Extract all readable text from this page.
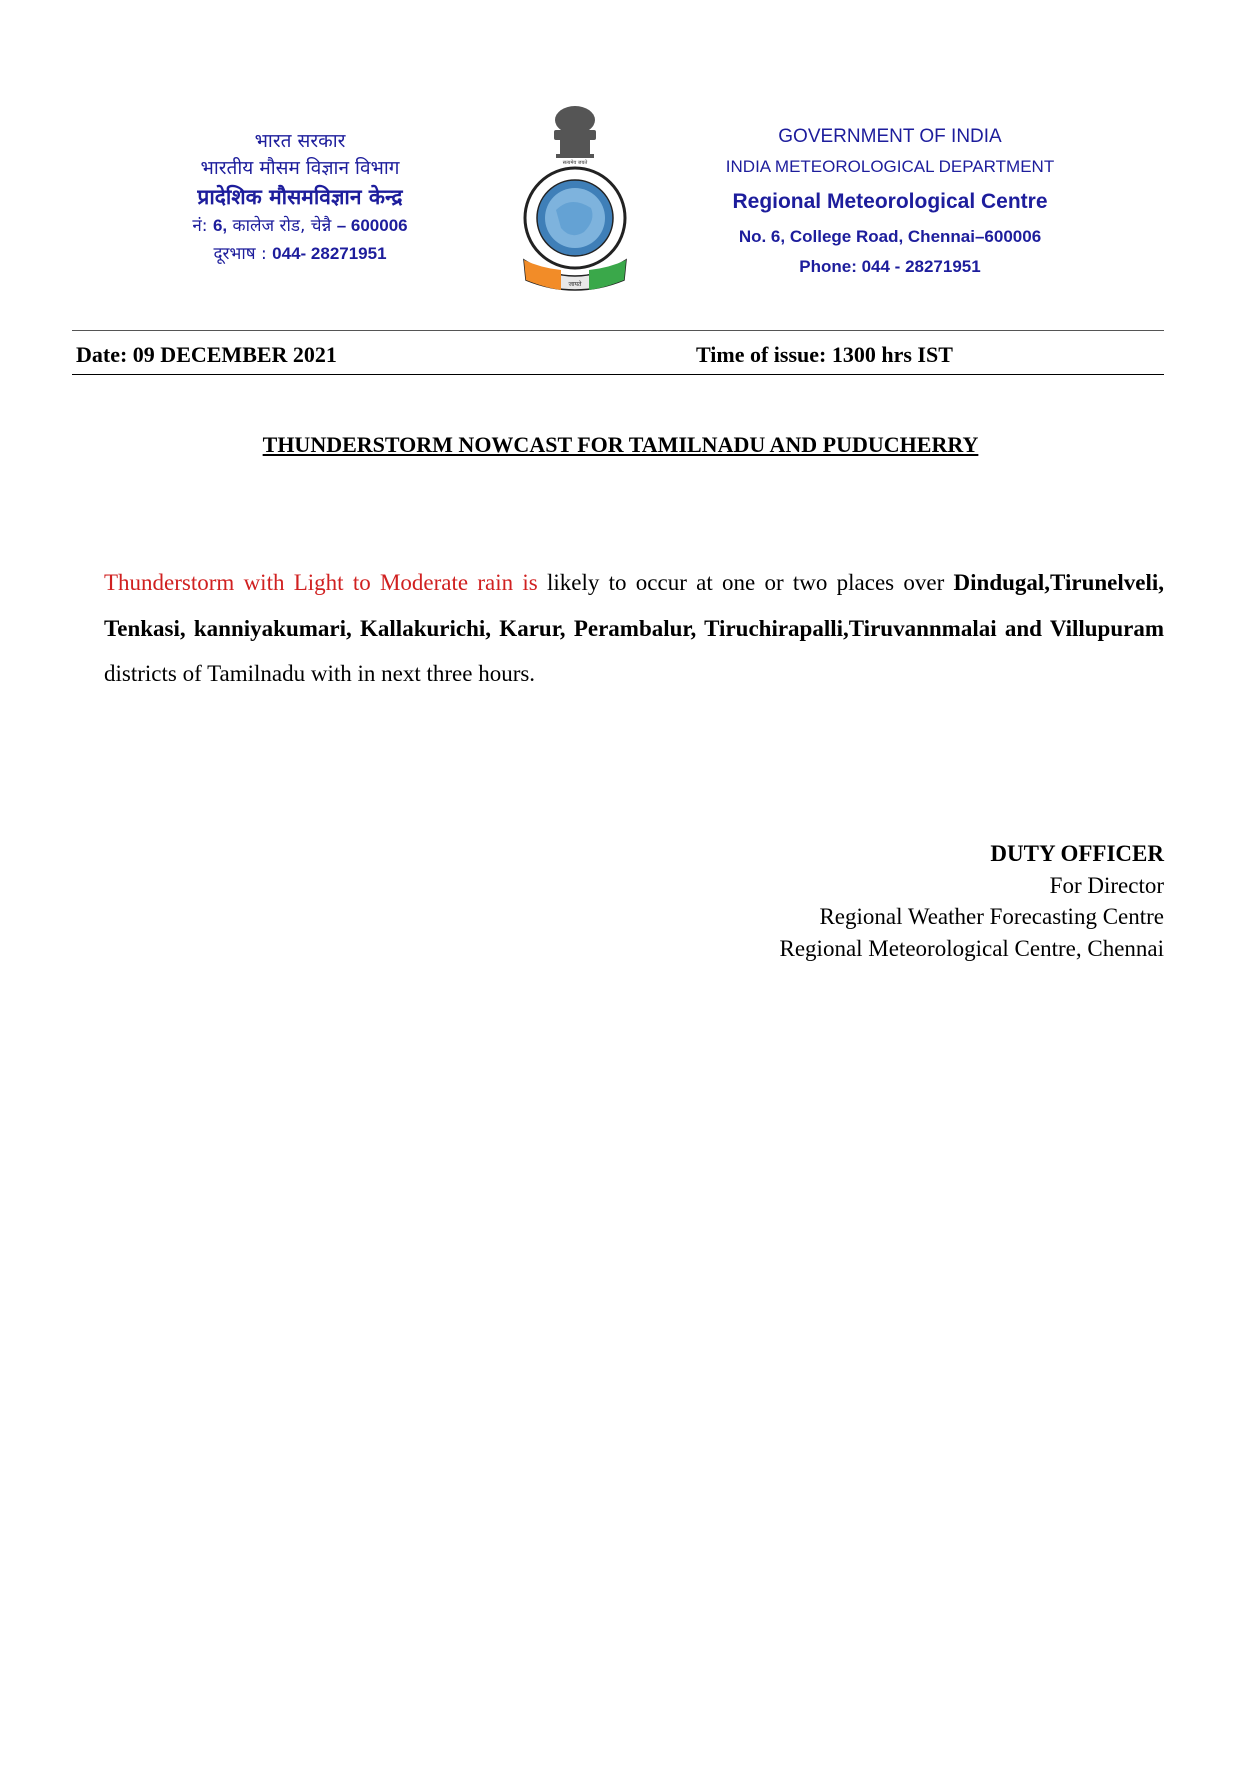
भारत सरकार
भारतीय मौसम विज्ञान विभाग
प्रादेशिक मौसमविज्ञान केन्द्र
नं: 6, कालेज रोड, चेन्नै – 600006
दूरभाष : 044- 28271951
सत्यमेव जयते
जायते
GOVERNMENT OF INDIA
INDIA METEOROLOGICAL DEPARTMENT
Regional Meteorological Centre
No. 6, College Road, Chennai–600006
Phone: 044 - 28271951
Date: 09 DECEMBER 2021	Time of issue: 1300 hrs IST
THUNDERSTORM NOWCAST FOR TAMILNADU AND PUDUCHERRY
Thunderstorm with Light to Moderate rain is likely to occur at one or two places over Dindugal,Tirunelveli, Tenkasi, kanniyakumari, Kallakurichi, Karur, Perambalur, Tiruchirapalli,Tiruvannmalai and Villupuram districts of Tamilnadu with in next three hours.
DUTY OFFICER
For Director
Regional Weather Forecasting Centre
Regional Meteorological Centre, Chennai
